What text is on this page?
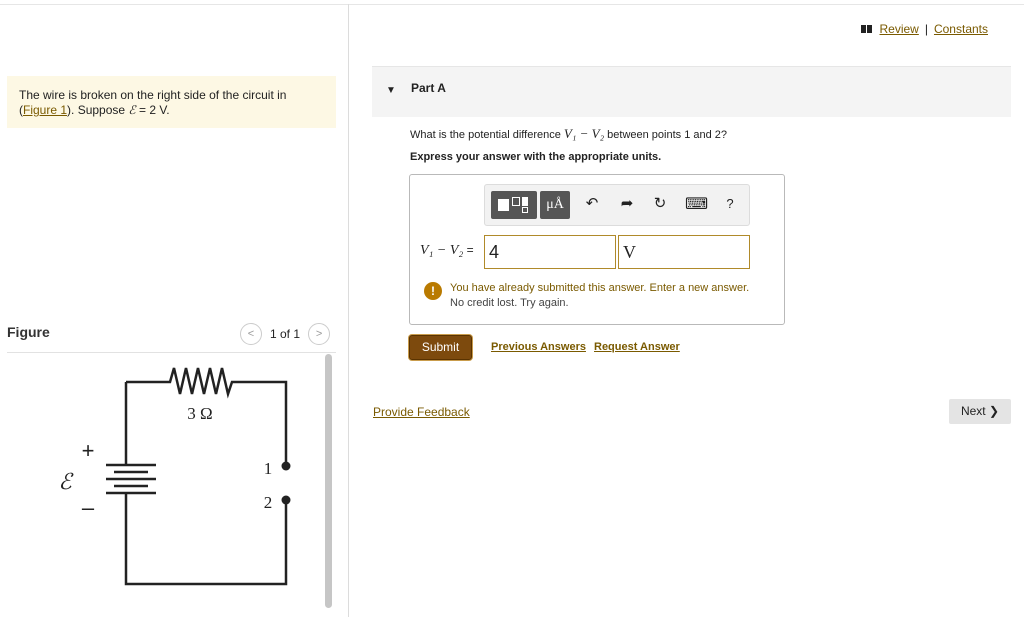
The wire is broken on the right side of the circuit in (Figure 1). Suppose ℰ = 2 V.
Figure	< 1 of 1 >
3 Ω
+
ℰ
–
1
2
Review | Constants
▼ Part A
What is the potential difference V₁ − V₂ between points 1 and 2?
Express your answer with the appropriate units.
μÅ	↶ ➦ ↻ ⌨	?
V₁ − V₂ = 4	V
!	You have already submitted this answer. Enter a new answer.
No credit lost. Try again.
Submit	Previous Answers Request Answer
Provide Feedback	Next ❯
